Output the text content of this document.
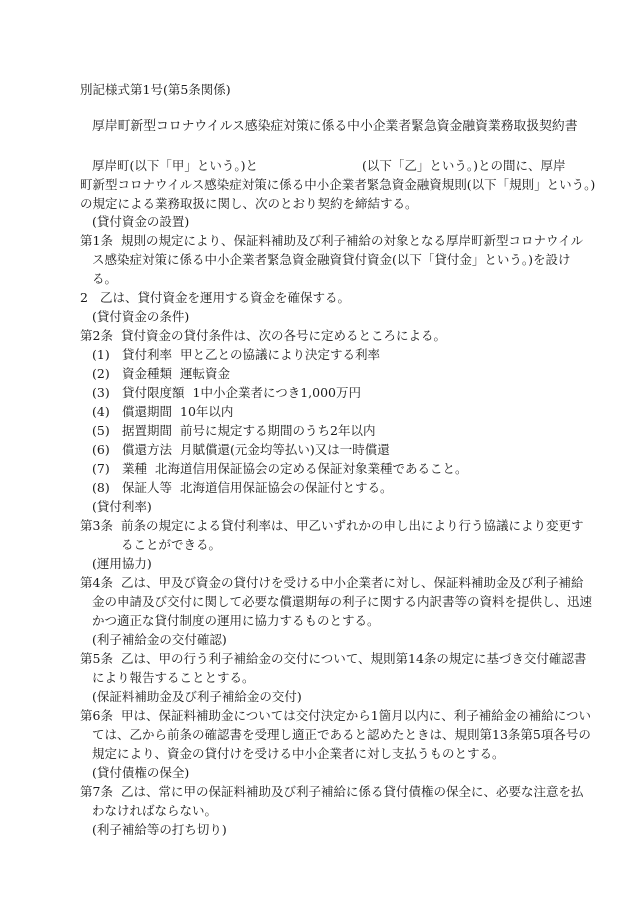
別記様式第1号(第5条関係)
厚岸町新型コロナウイルス感染症対策に係る中小企業者緊急資金融資業務取扱契約書
厚岸町(以下「甲」という。)と	(以下「乙」という。)との間に、厚岸
町新型コロナウイルス感染症対策に係る中小企業者緊急資金融資規則(以下「規則」という。)
の規定による業務取扱に関し、次のとおり契約を締結する。
(貸付資金の設置)
第1条 規則の規定により、保証料補助及び利子補給の対象となる厚岸町新型コロナウイル
ス感染症対策に係る中小企業者緊急資金融資貸付資金(以下「貸付金」という。)を設け
る。
2 乙は、貸付資金を運用する資金を確保する。
(貸付資金の条件)
第2条 貸付資金の貸付条件は、次の各号に定めるところによる。
(1) 貸付利率 甲と乙との協議により決定する利率
(2) 資金種類 運転資金
(3) 貸付限度額 1中小企業者につき1,000万円
(4) 償還期間 10年以内
(5) 据置期間 前号に規定する期間のうち2年以内
(6) 償還方法 月賦償還(元金均等払い)又は一時償還
(7) 業種 北海道信用保証協会の定める保証対象業種であること。
(8) 保証人等 北海道信用保証協会の保証付とする。
(貸付利率)
第3条 前条の規定による貸付利率は、甲乙いずれかの申し出により行う協議により変更す
ることができる。
(運用協力)
第4条 乙は、甲及び資金の貸付けを受ける中小企業者に対し、保証料補助金及び利子補給
金の申請及び交付に関して必要な償還期毎の利子に関する内訳書等の資料を提供し、迅速
かつ適正な貸付制度の運用に協力するものとする。
(利子補給金の交付確認)
第5条 乙は、甲の行う利子補給金の交付について、規則第14条の規定に基づき交付確認書
により報告することとする。
(保証料補助金及び利子補給金の交付)
第6条 甲は、保証料補助金については交付決定から1箇月以内に、利子補給金の補給につい
ては、乙から前条の確認書を受理し適正であると認めたときは、規則第13条第5項各号の
規定により、資金の貸付けを受ける中小企業者に対し支払うものとする。
(貸付債権の保全)
第7条 乙は、常に甲の保証料補助及び利子補給に係る貸付債権の保全に、必要な注意を払
わなければならない。
(利子補給等の打ち切り)
